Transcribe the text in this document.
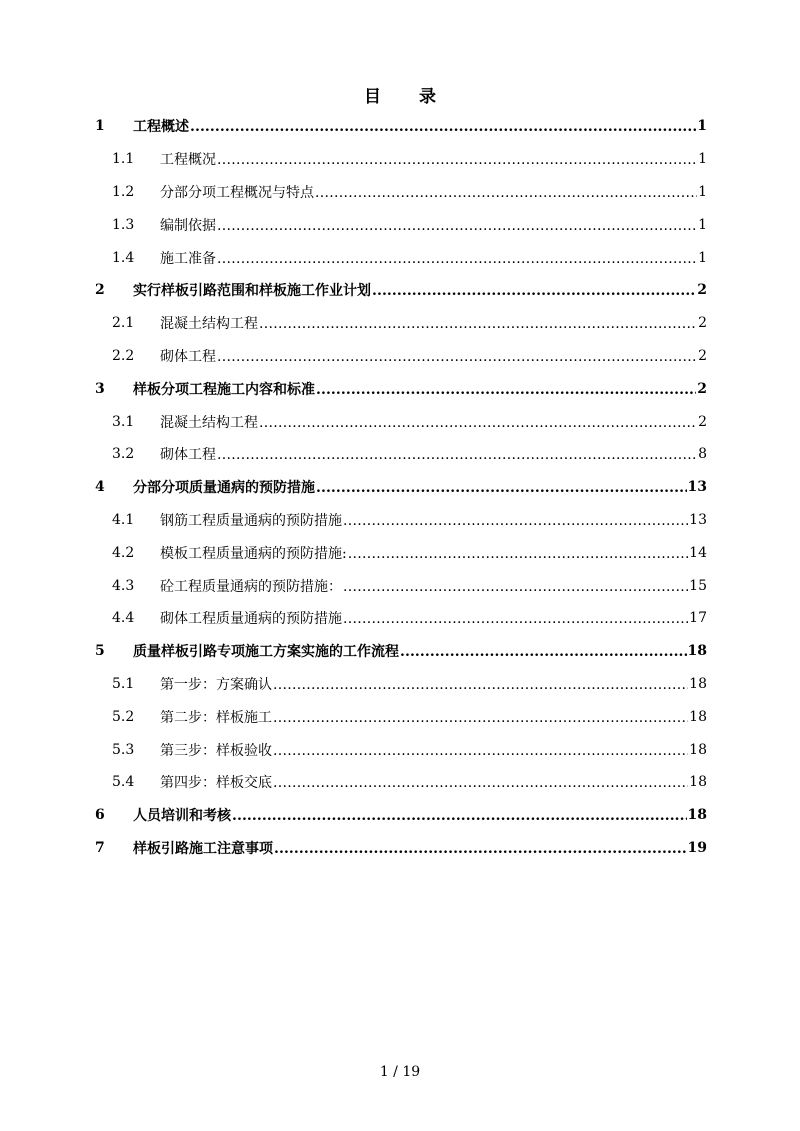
目 录
1	工程概述 .....	1
1.1	工程概况 .....	1
1.2	分部分项工程概况与特点 .....	1
1.3	编制依据 .....	1
1.4	施工准备 .....	1
2	实行样板引路范围和样板施工作业计划 .....	2
2.1	混凝土结构工程 .....	2
2.2	砌体工程 .....	2
3	样板分项工程施工内容和标准 .....	2
3.1	混凝土结构工程 .....	2
3.2	砌体工程 .....	8
4	分部分项质量通病的预防措施 .....	13
4.1	钢筋工程质量通病的预防措施 .....	13
4.2	模板工程质量通病的预防措施: .....	14
4.3	砼工程质量通病的预防措施： .....	15
4.4	砌体工程质量通病的预防措施 .....	17
5	质量样板引路专项施工方案实施的工作流程 .....	18
5.1	第一步：方案确认 .....	18
5.2	第二步：样板施工 .....	18
5.3	第三步：样板验收 .....	18
5.4	第四步：样板交底 .....	18
6	人员培训和考核 .....	18
7	样板引路施工注意事项 .....	19
1 / 19
